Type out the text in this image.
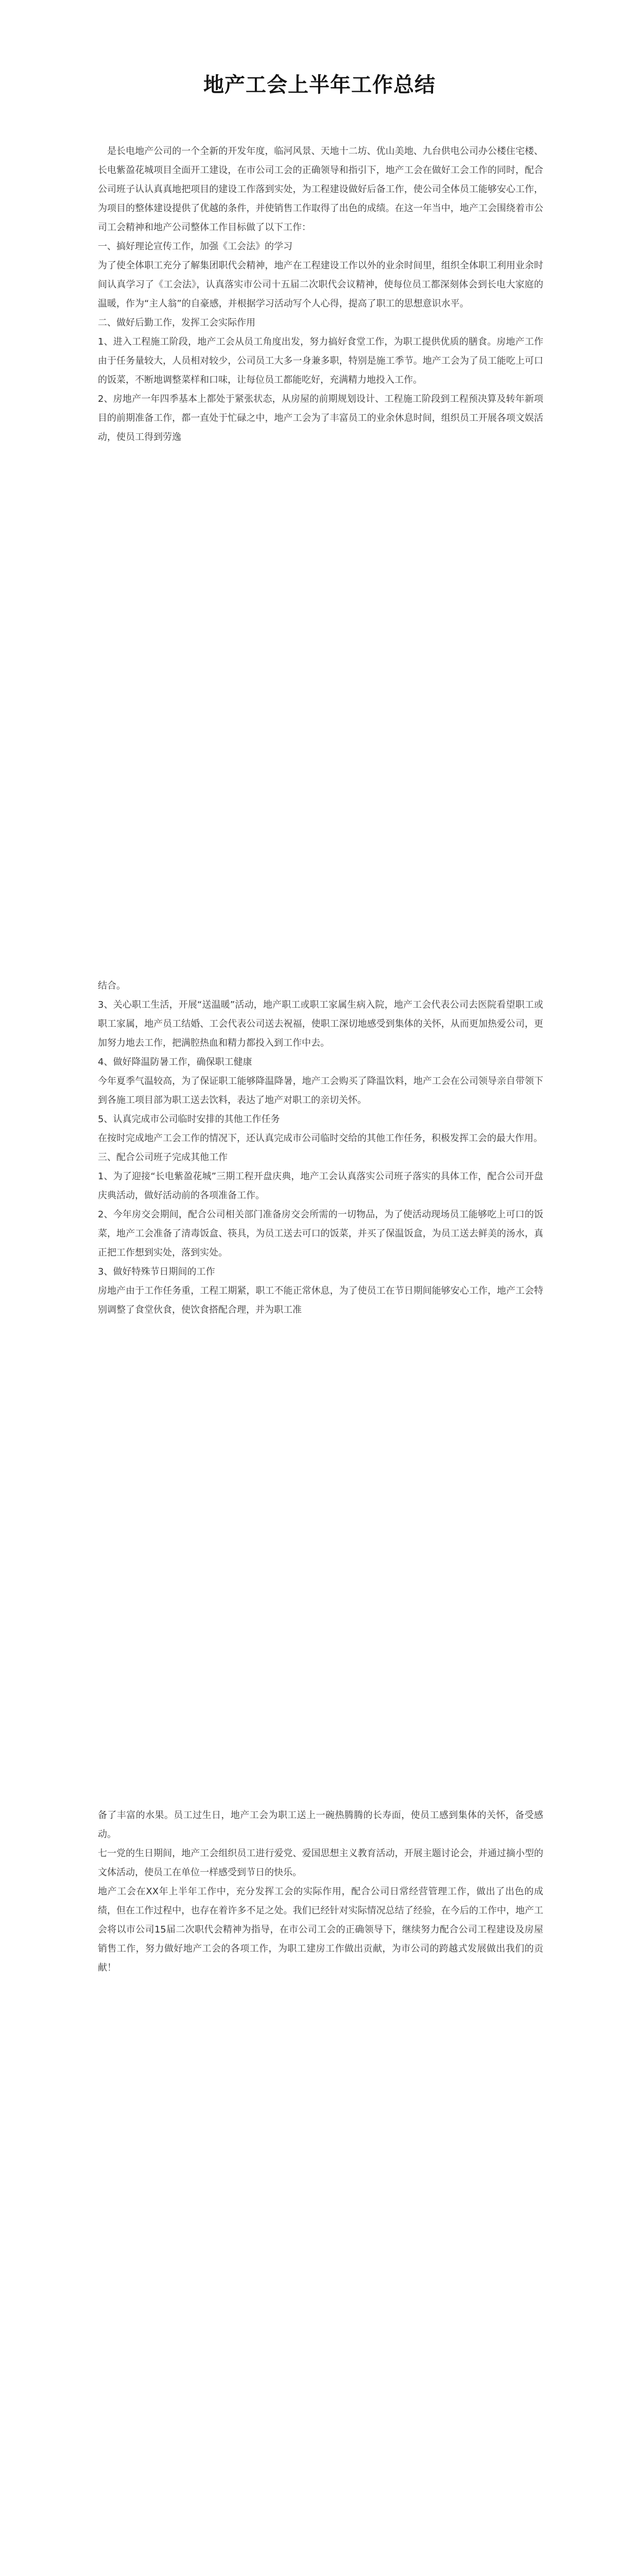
地产工会上半年工作总结

是长电地产公司的一个全新的开发年度，临河风景、天地十二坊、优山美地、九台供电公司办公楼住宅楼、长电紫盈花城项目全面开工建设，在市公司工会的正确领导和指引下，地产工会在做好工会工作的同时，配合公司班子认认真真地把项目的建设工作落到实处，为工程建设做好后备工作，使公司全体员工能够安心工作，为项目的整体建设提供了优越的条件，并使销售工作取得了出色的成绩。在这一年当中，地产工会围绕着市公司工会精神和地产公司整体工作目标做了以下工作：

一、搞好理论宣传工作，加强《工会法》的学习

为了使全体职工充分了解集团职代会精神，地产在工程建设工作以外的业余时间里，组织全体职工利用业余时间认真学习了《工会法》，认真落实市公司十五届二次职代会议精神，使每位员工都深刻体会到长电大家庭的温暖，作为“主人翁”的自豪感，并根据学习活动写个人心得，提高了职工的思想意识水平。

二、做好后勤工作，发挥工会实际作用

1、进入工程施工阶段，地产工会从员工角度出发，努力搞好食堂工作，为职工提供优质的膳食。房地产工作由于任务量较大，人员相对较少，公司员工大多一身兼多职，特别是施工季节。地产工会为了员工能吃上可口的饭菜，不断地调整菜样和口味，让每位员工都能吃好，充满精力地投入工作。

2、房地产一年四季基本上都处于紧张状态，从房屋的前期规划设计、工程施工阶段到工程预决算及转年新项目的前期准备工作，都一直处于忙碌之中，地产工会为了丰富员工的业余休息时间，组织员工开展各项文娱活动，使员工得到劳逸

结合。

3、关心职工生活，开展“送温暖”活动，地产职工或职工家属生病入院，地产工会代表公司去医院看望职工或职工家属，地产员工结婚、工会代表公司送去祝福，使职工深切地感受到集体的关怀，从而更加热爱公司，更加努力地去工作，把满腔热血和精力都投入到工作中去。

4、做好降温防暑工作，确保职工健康

今年夏季气温较高，为了保证职工能够降温降暑，地产工会购买了降温饮料，地产工会在公司领导亲自带领下到各施工项目部为职工送去饮料，表达了地产对职工的亲切关怀。

5、认真完成市公司临时安排的其他工作任务

在按时完成地产工会工作的情况下，还认真完成市公司临时交给的其他工作任务，积极发挥工会的最大作用。

三、配合公司班子完成其他工作

1、为了迎接“长电紫盈花城”三期工程开盘庆典，地产工会认真落实公司班子落实的具体工作，配合公司开盘庆典活动，做好活动前的各项准备工作。

2、今年房交会期间，配合公司相关部门准备房交会所需的一切物品，为了使活动现场员工能够吃上可口的饭菜，地产工会准备了清毒饭盒、筷具，为员工送去可口的饭菜，并买了保温饭盒，为员工送去鲜美的汤水，真正把工作想到实处，落到实处。

3、做好特殊节日期间的工作

房地产由于工作任务重，工程工期紧，职工不能正常休息，为了使员工在节日期间能够安心工作，地产工会特别调整了食堂伙食，使饮食搭配合理，并为职工准

备了丰富的水果。员工过生日，地产工会为职工送上一碗热腾腾的长寿面，使员工感到集体的关怀，备受感动。

七一党的生日期间，地产工会组织员工进行爱党、爱国思想主义教育活动，开展主题讨论会，并通过摘小型的文体活动，使员工在单位一样感受到节日的快乐。

地产工会在XX年上半年工作中，充分发挥工会的实际作用，配合公司日常经营管理工作，做出了出色的成绩，但在工作过程中，也存在着许多不足之处。我们已经针对实际情况总结了经验，在今后的工作中，地产工会将以市公司15届二次职代会精神为指导，在市公司工会的正确领导下，继续努力配合公司工程建设及房屋销售工作，努力做好地产工会的各项工作，为职工建房工作做出贡献，为市公司的跨越式发展做出我们的贡献！
